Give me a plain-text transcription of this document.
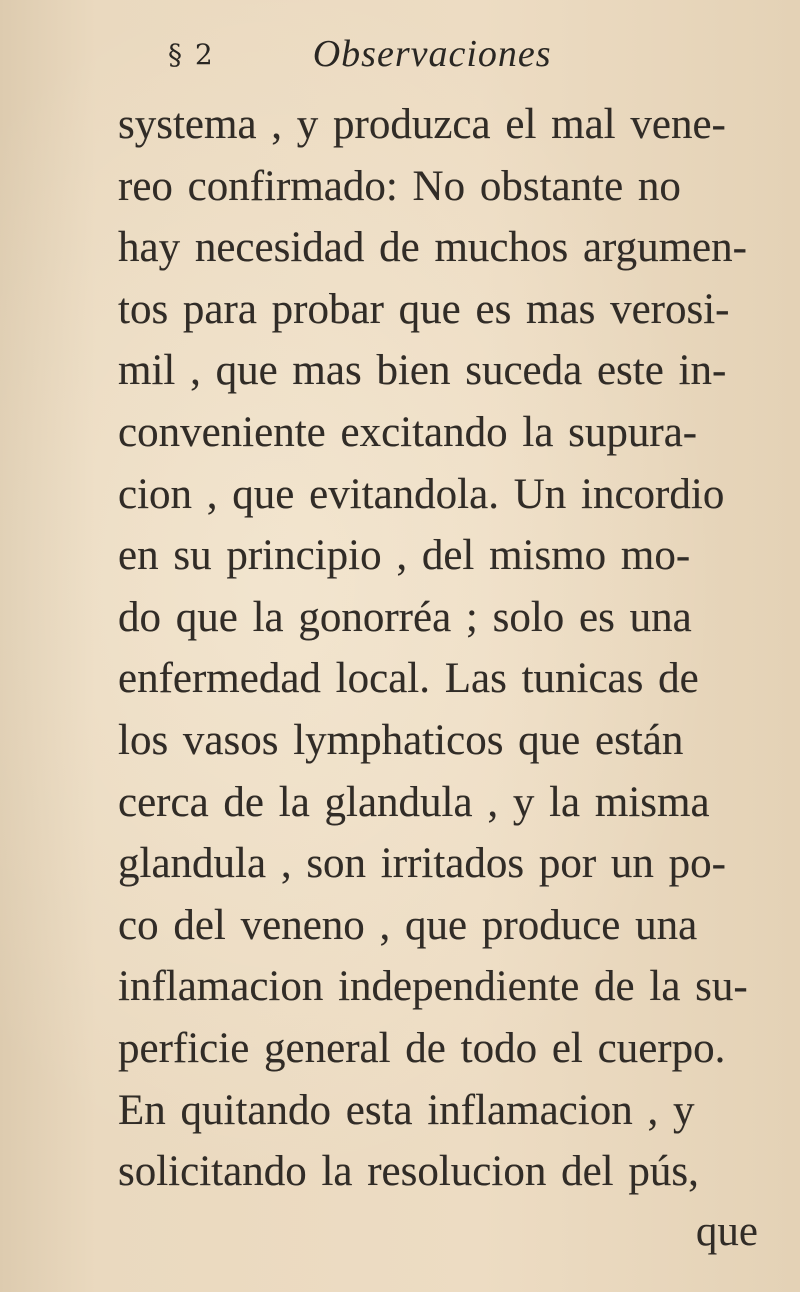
§ 2	Observaciones
systema , y produzca el mal vene-
reo confirmado: No obstante no
hay necesidad de muchos argumen-
tos para probar que es mas verosi-
mil , que mas bien suceda este in-
conveniente excitando la supura-
cion , que evitandola. Un incordio
en su principio , del mismo mo-
do que la gonorréa ; solo es una
enfermedad local. Las tunicas de
los vasos lymphaticos que están
cerca de la glandula , y la misma
glandula , son irritados por un po-
co del veneno , que produce una
inflamacion independiente de la su-
perficie general de todo el cuerpo.
En quitando esta inflamacion , y
solicitando la resolucion del pús,
que
